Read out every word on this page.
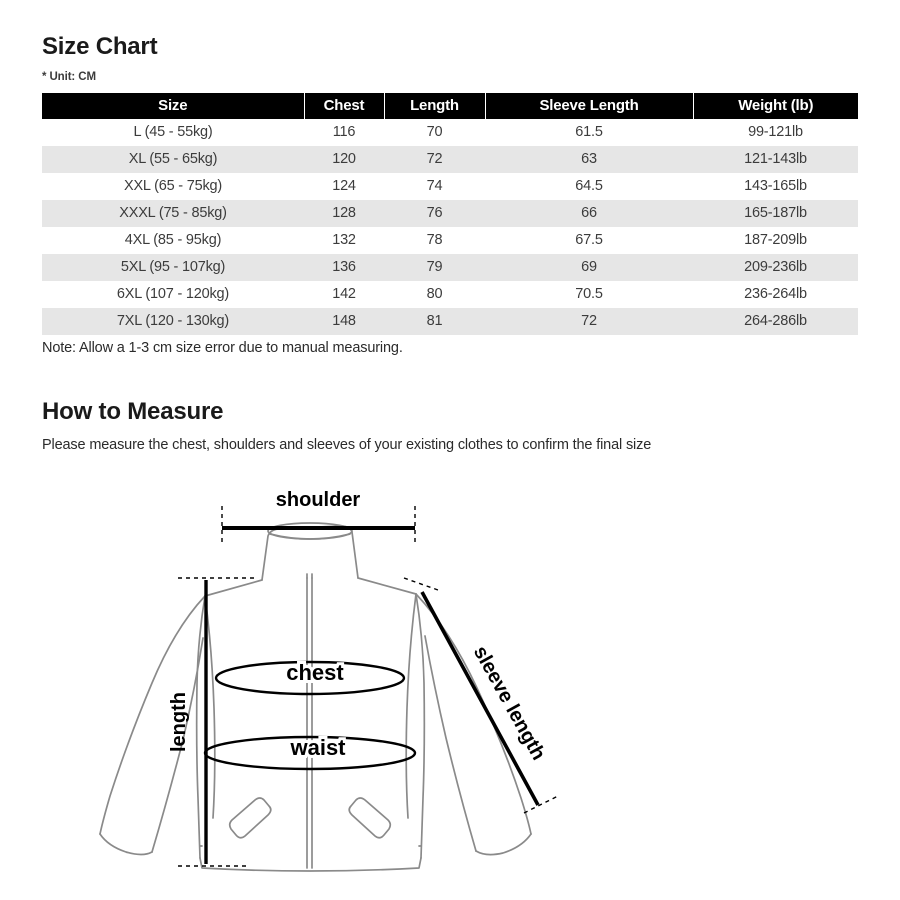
Size Chart
* Unit: CM
Size	Chest	Length	Sleeve Length	Weight (lb)
L (45 - 55kg)	116	70	61.5	99-121lb
XL (55 - 65kg)	120	72	63	121-143lb
XXL (65 - 75kg)	124	74	64.5	143-165lb
XXXL (75 - 85kg)	128	76	66	165-187lb
4XL (85 - 95kg)	132	78	67.5	187-209lb
5XL (95 - 107kg)	136	79	69	209-236lb
6XL (107 - 120kg)	142	80	70.5	236-264lb
7XL (120 - 130kg)	148	81	72	264-286lb
Note: Allow a 1-3 cm size error due to manual measuring.
How to Measure
Please measure the chest, shoulders and sleeves of your existing clothes to confirm the final size
shoulder
length	sleeve length
chest
waist
